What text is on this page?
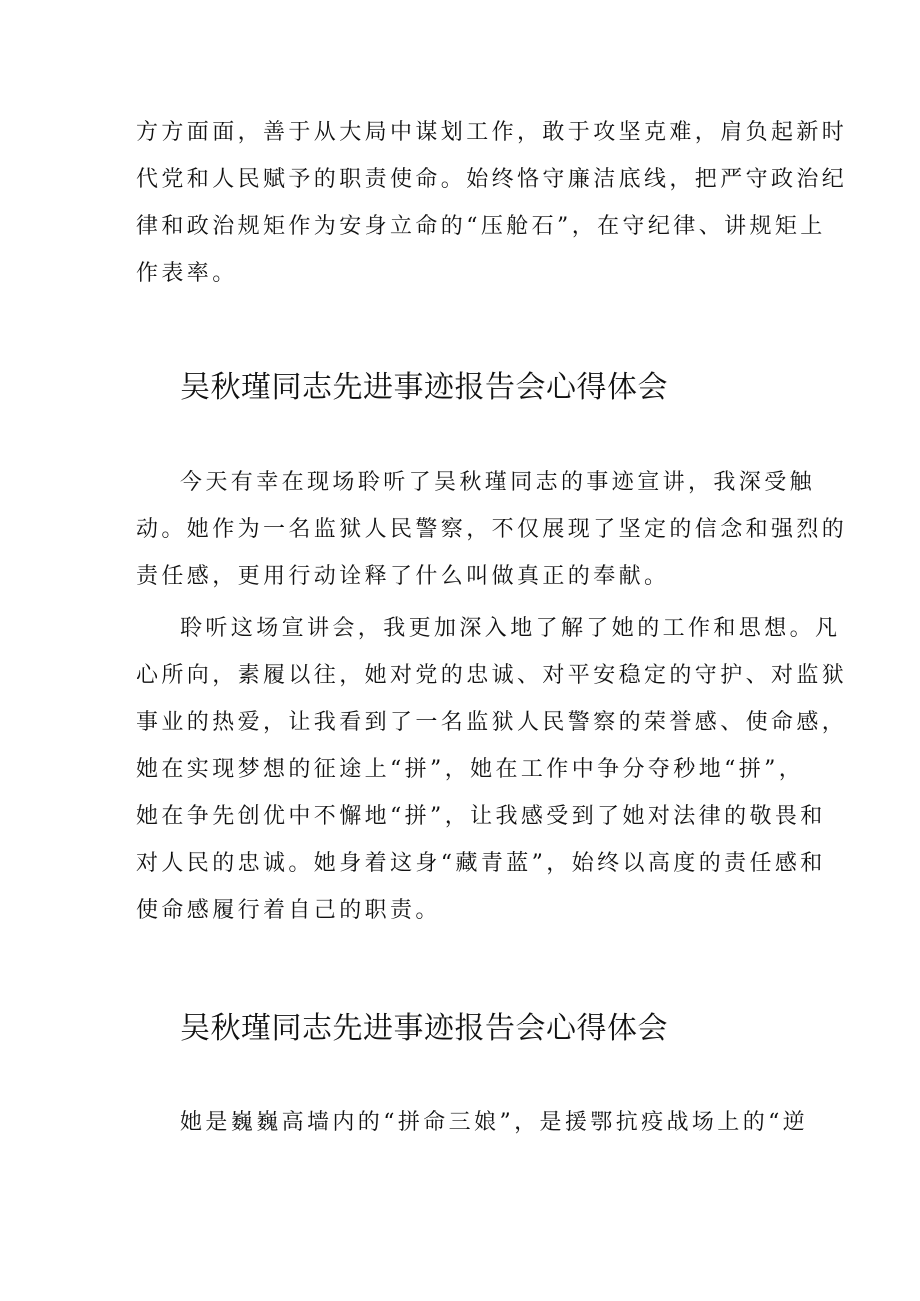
方方面面，善于从大局中谋划工作，敢于攻坚克难，肩负起新时
代党和人民赋予的职责使命。始终恪守廉洁底线，把严守政治纪
律和政治规矩作为安身立命的“压舱石”，在守纪律、讲规矩上
作表率。
吴秋瑾同志先进事迹报告会心得体会
今天有幸在现场聆听了吴秋瑾同志的事迹宣讲，我深受触
动。她作为一名监狱人民警察，不仅展现了坚定的信念和强烈的
责任感，更用行动诠释了什么叫做真正的奉献。
聆听这场宣讲会，我更加深入地了解了她的工作和思想。凡
心所向，素履以往，她对党的忠诚、对平安稳定的守护、对监狱
事业的热爱，让我看到了一名监狱人民警察的荣誉感、使命感，
她在实现梦想的征途上“拼”，她在工作中争分夺秒地“拼”，
她在争先创优中不懈地“拼”，让我感受到了她对法律的敬畏和
对人民的忠诚。她身着这身“藏青蓝”，始终以高度的责任感和
使命感履行着自己的职责。
吴秋瑾同志先进事迹报告会心得体会
她是巍巍高墙内的“拼命三娘”，是援鄂抗疫战场上的“逆
